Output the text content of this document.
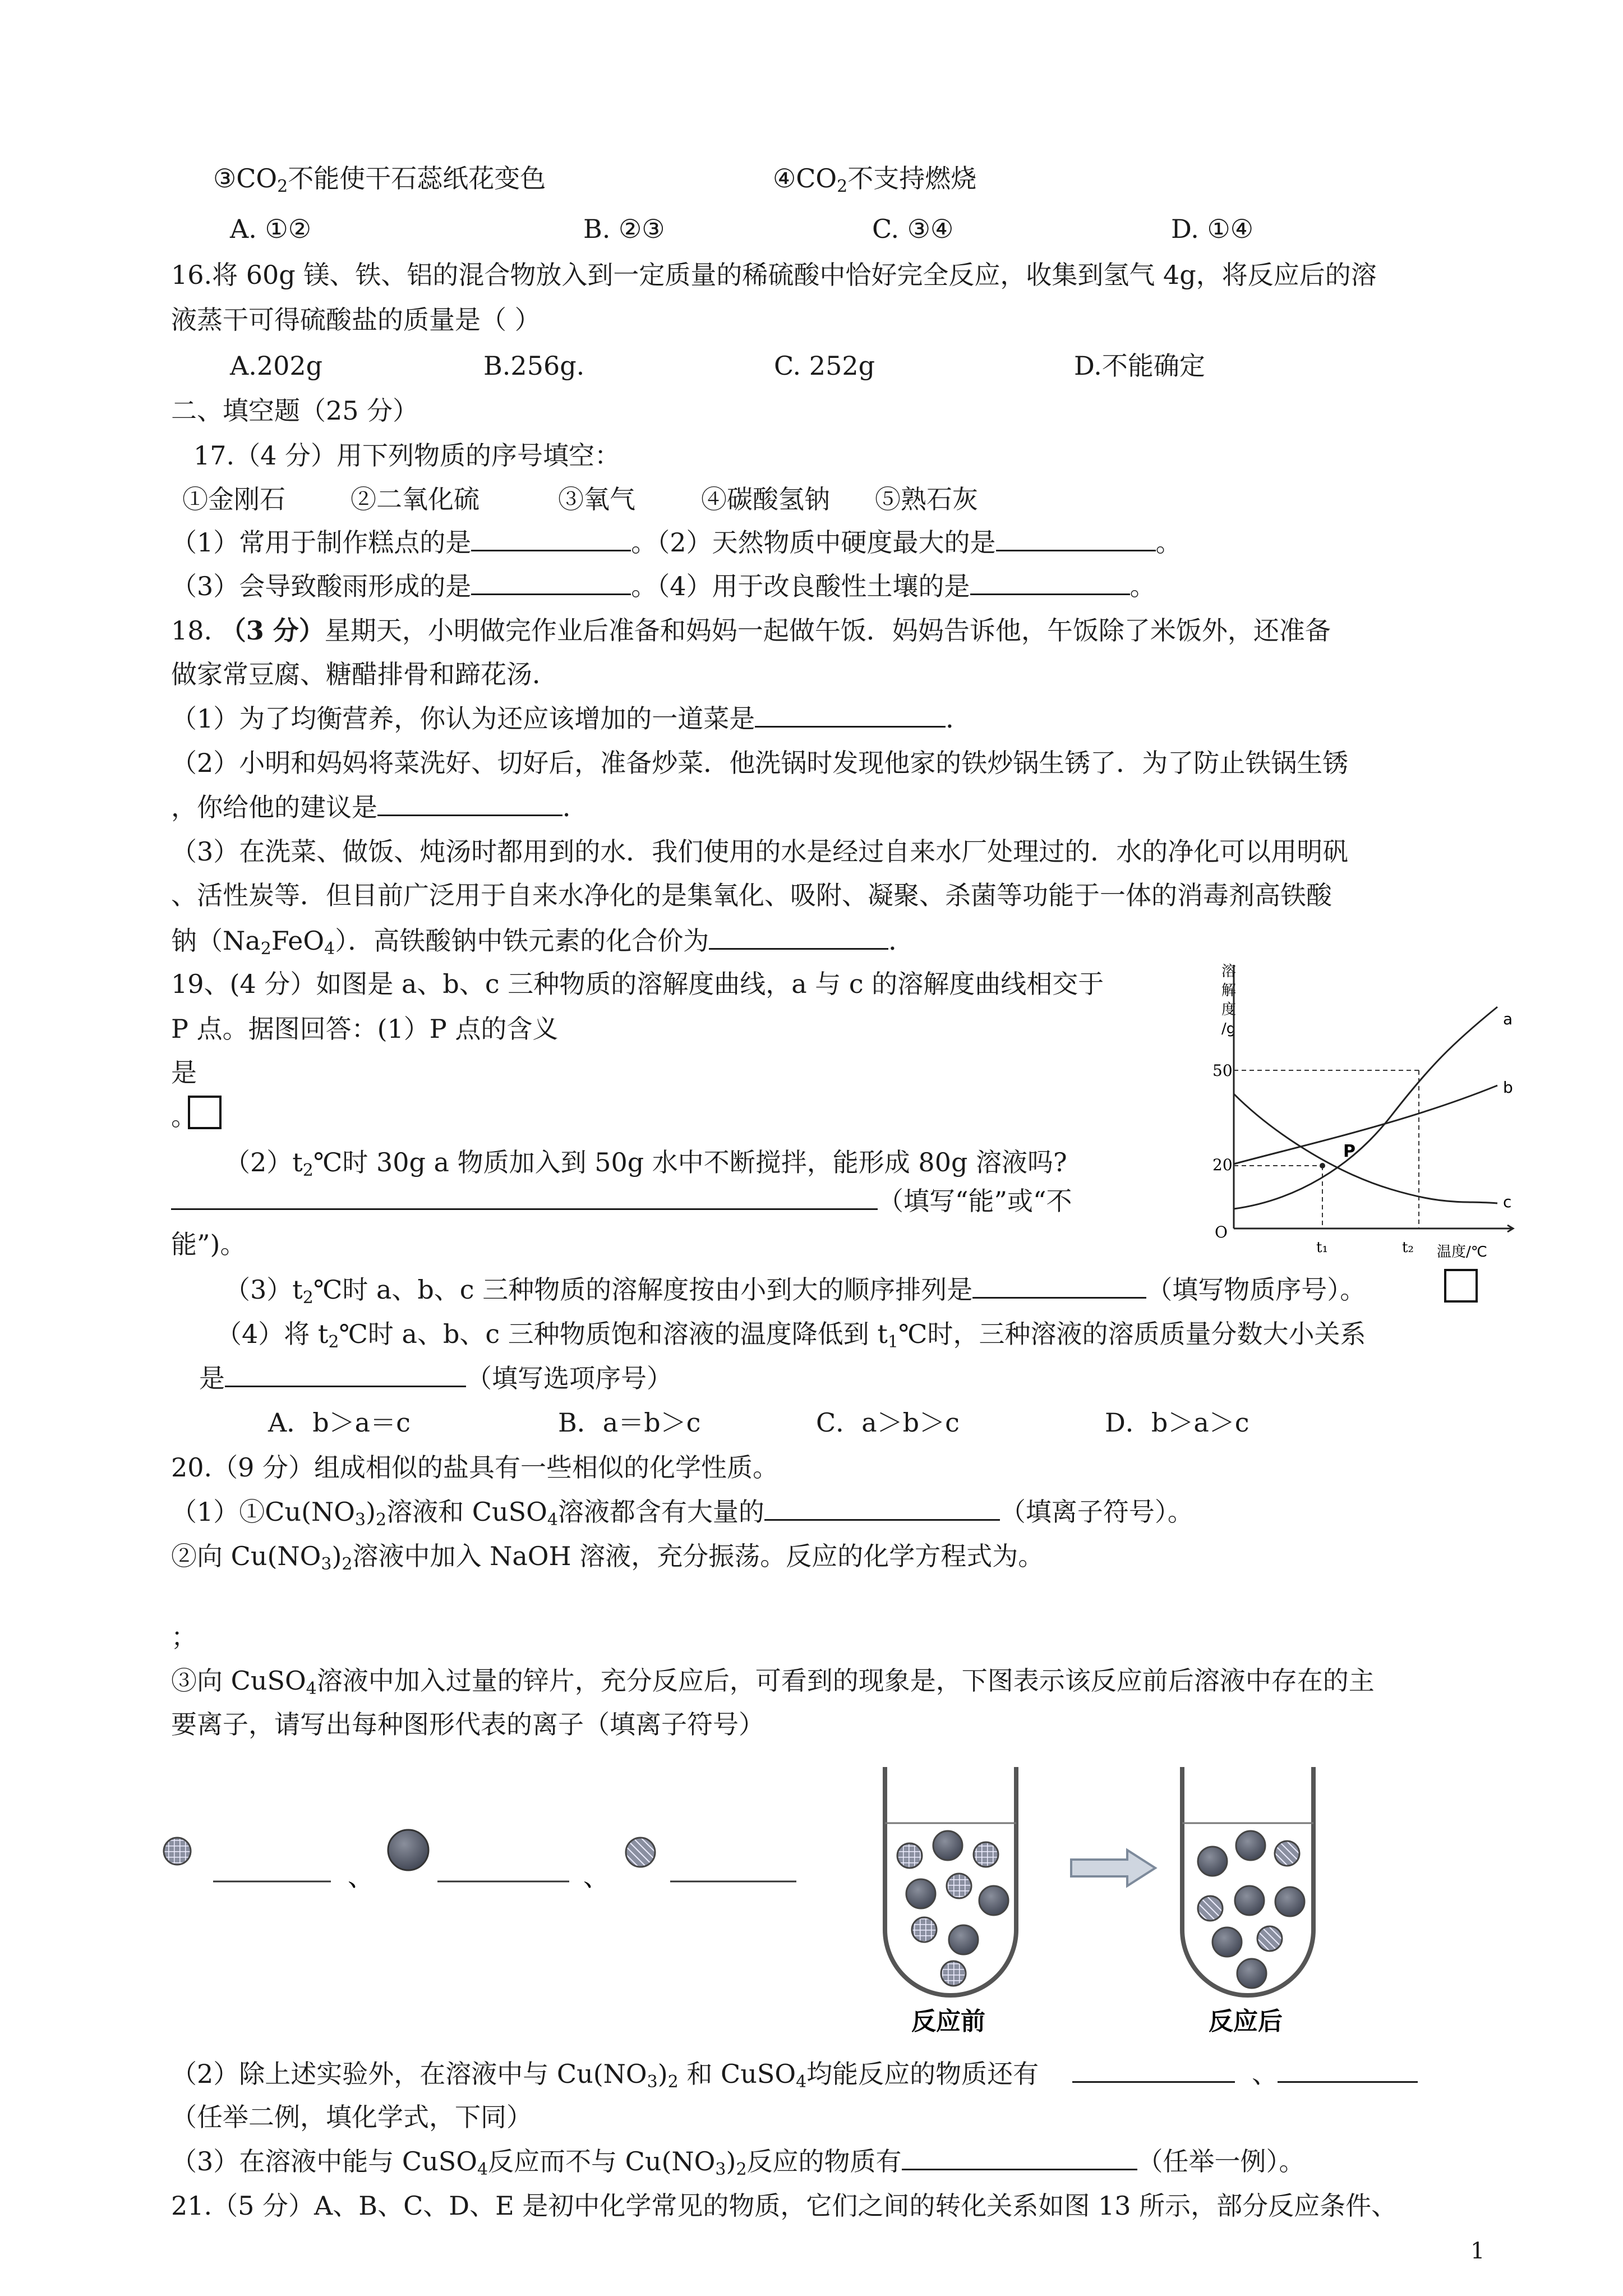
$③CO_2$不能使干石蕊纸花变色	$④CO_2$不支持燃烧
A. ①②	B. ②③	C. ③④	D. ①④
16.将 60g 镁、铁、铝的混合物放入到一定质量的稀硫酸中恰好完全反应，收集到氢气 4g，将反应后的溶
液蒸干可得硫酸盐的质量是（ ）
A.202g	B.256g.	C. 252g	D.不能确定
二、填空题（25 分）
17.（4 分）用下列物质的序号填空：
①金刚石	②二氧化硫	③氧气	④碳酸氢钠 ⑤熟石灰
（1）常用于制作糕点的是	。（2）天然物质中硬度最大的是	。
（3）会导致酸雨形成的是	。（4）用于改良酸性土壤的是	。
18. （3 分）星期天，小明做完作业后准备和妈妈一起做午饭．妈妈告诉他，午饭除了米饭外，还准备
做家常豆腐、糖醋排骨和蹄花汤．
（1）为了均衡营养，你认为还应该增加的一道菜是	．
（2）小明和妈妈将菜洗好、切好后，准备炒菜．他洗锅时发现他家的铁炒锅生锈了．为了防止铁锅生锈
，你给他的建议是	．
（3）在洗菜、做饭、炖汤时都用到的水．我们使用的水是经过自来水厂处理过的．水的净化可以用明矾
、活性炭等．但目前广泛用于自来水净化的是集氧化、吸附、凝聚、杀菌等功能于一体的消毒剂高铁酸
钠$(Na_2FeO_4)$．高铁酸钠中铁元素的化合价为	．
19、(4 分）如图是 a、b、c 三种物质的溶解度曲线，a 与 c 的溶解度曲线相交于
P 点。据图回答：(1）P 点的含义
是
。
$(2)t_2℃$时 30g a 物质加入到 50g 水中不断搅拌，能形成 80g 溶液吗?
（填写“能”或“不
能”)。
$(3)t_2℃$时 a、b、c 三种物质的溶解度按由小到大的顺序排列是	（填写物质序号）。
（4）将 $t_2℃$时 a、b、c 三种物质饱和溶液的温度降低到 $t_1℃$时，三种溶液的溶质质量分数大小关系
是	（填写选项序号）
A．b＞a＝c	B．a＝b＞c	C．a＞b＞c	D．b＞a＞c
溶解度/g
O
温度/℃
50
20
t₁	t₂
P
a
b
c
20.（9 分）组成相似的盐具有一些相似的化学性质。
$(1)①Cu(NO_3)_2$溶液和 CuSO$_4$溶液都含有大量的	（填离子符号）。
②向 $Cu(NO_3)_2$溶液中加入 NaOH 溶液，充分振荡。反应的化学方程式为。
；
③向 CuSO$_4$溶液中加入过量的锌片，充分反应后，可看到的现象是，下图表示该反应前后溶液中存在的主
要离子，请写出每种图形代表的离子（填离子符号）
、	、
反应前	反应后
（2）除上述实验外，在溶液中与 $Cu(NO_3)_2$ 和 CuSO$_4$均能反应的物质还有	、
（任举二例，填化学式，下同）
（3）在溶液中能与 CuSO$_4$反应而不与 $Cu(NO_3)_2$反应的物质有	（任举一例）。
21.（5 分）A、B、C、D、E 是初中化学常见的物质，它们之间的转化关系如图 13 所示，部分反应条件、
1
